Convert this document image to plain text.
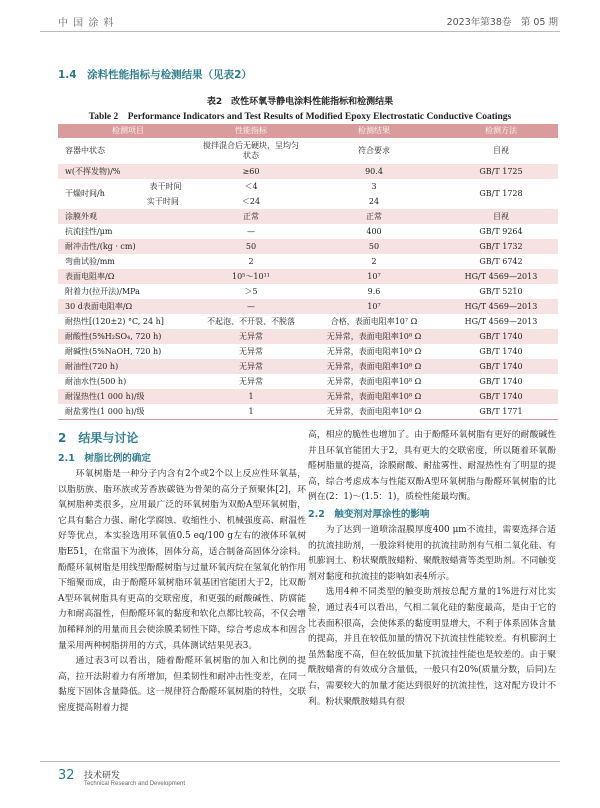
中 国 涂 料	2023年第38卷　第 05 期
1.4　涂料性能指标与检测结果（见表2）
表2　改性环氧导静电涂料性能指标和检测结果
Table 2　Performance Indicators and Test Results of Modified Epoxy Electrostatic Conductive Coatings
检测项目	性能指标	检测结果	检测方法
容器中状态	搅拌混合后无硬块，呈均匀状态	符合要求	目视
w(不挥发物)/%	≥60	90.4	GB/T 1725
干燥时间/h	表干时间 ＜4	3	GB/T 1728

	实干时间 ＜24	24	
涂膜外观	正常	正常	目视
抗流挂性/μm	—	400	GB/T 9264
耐冲击性/(kg · cm)	50	50	GB/T 1732
弯曲试验/mm	2	2	GB/T 6742
表面电阻率/Ω	10⁵～10¹¹	10⁷	HG/T 4569—2013
附着力(拉开法)/MPa	＞5	9.6	GB/T 5210
30 d表面电阻率/Ω	—	10⁷	HG/T 4569—2013
耐热性[(120±2) °C, 24 h]	不起泡、不开裂、不脱落	合格，表面电阻率10⁷ Ω	HG/T 4569—2013
耐酸性(5%H₂SO₄, 720 h)	无异常	无异常，表面电阻率10⁸ Ω	GB/T 1740
耐碱性(5%NaOH, 720 h)	无异常	无异常，表面电阻率10⁸ Ω	GB/T 1740
耐油性(720 h)	无异常	无异常，表面电阻率10⁸ Ω	GB/T 1740
耐油水性(500 h)	无异常	无异常，表面电阻率10⁸ Ω	GB/T 1740
耐湿热性(1 000 h)/级	1	无异常，表面电阻率10⁸ Ω	GB/T 1740
耐盐雾性(1 000 h)/级	1	无异常，表面电阻率10⁸ Ω	GB/T 1771
2　结果与讨论
2.1　树脂比例的确定

环氧树脂是一种分子内含有2个或2个以上反应性环氧基，以脂肪族、脂环族或芳香族碳链为骨架的高分子预聚体[2]，环氧树脂种类很多，应用最广泛的环氧树脂为双酚A型环氧树脂，它具有黏合力强、耐化学腐蚀、收缩性小、机械强度高、耐温性好等优点，本实验选用环氧值0.5 eq/100 g左右的液体环氧树脂E51，在常温下为液体，固体分高，适合制备高固体分涂料。酚醛环氧树脂是用线型酚醛树脂与过量环氧丙烷在氢氧化钠作用下缩聚而成，由于酚醛环氧树脂环氧基团官能团大于2，比双酚A型环氧树脂具有更高的交联密度，和更强的耐酸碱性、防腐能力和耐高温性，但酚醛环氧的黏度和软化点都比较高，不仅会增加稀释剂的用量而且会使涂膜柔韧性下降，综合考虑成本和固含量采用两种树脂拼用的方式，具体测试结果见表3。

通过表3可以看出，随着酚醛环氧树脂的加入和比例的提高，拉开法附着力有所增加，但柔韧性和耐冲击性变差，在同一黏度下固体含量降低。这一规律符合酚醛环氧树脂的特性，交联密度提高附着力提

高，相应的脆性也增加了。由于酚醛环氧树脂有更好的耐酸碱性并且环氧官能团大于2，具有更大的交联密度，所以随着环氧酚醛树脂量的提高，涂膜耐酸、耐盐雾性、耐湿热性有了明显的提高，综合考虑成本与性能双酚A型环氧树脂与酚醛环氧树脂的比例在(2：1)～(1.5：1)，质检性能最均衡。

2.2　触变剂对厚涂性的影响

为了达到一道喷涂湿膜厚度400 μm不流挂，需要选择合适的抗流挂助剂，一般涂料使用的抗流挂助剂有气相二氧化硅、有机膨润土、粉状聚酰胺蜡粉、聚酰胺蜡膏等类型助剂。不同触变剂对黏度和抗流挂的影响如表4所示。

选用4种不同类型的触变助剂按总配方量的1%进行对比实验，通过表4可以看出，气相二氧化硅的黏度最高，是由于它的比表面积很高，会使体系的黏度明显增大，不利于体系固体含量的提高，并且在较低加量的情况下抗流挂性能较差。有机膨润土虽然黏度不高，但在较低加量下抗流挂性能也是较差的。由于聚酰胺蜡膏的有效成分含量低，一般只有20%(质量分数，后同)左右，需要较大的加量才能达到很好的抗流挂性，这对配方设计不利。粉状聚酰胺蜡具有很

32 技术研发
Technical Research and Development
